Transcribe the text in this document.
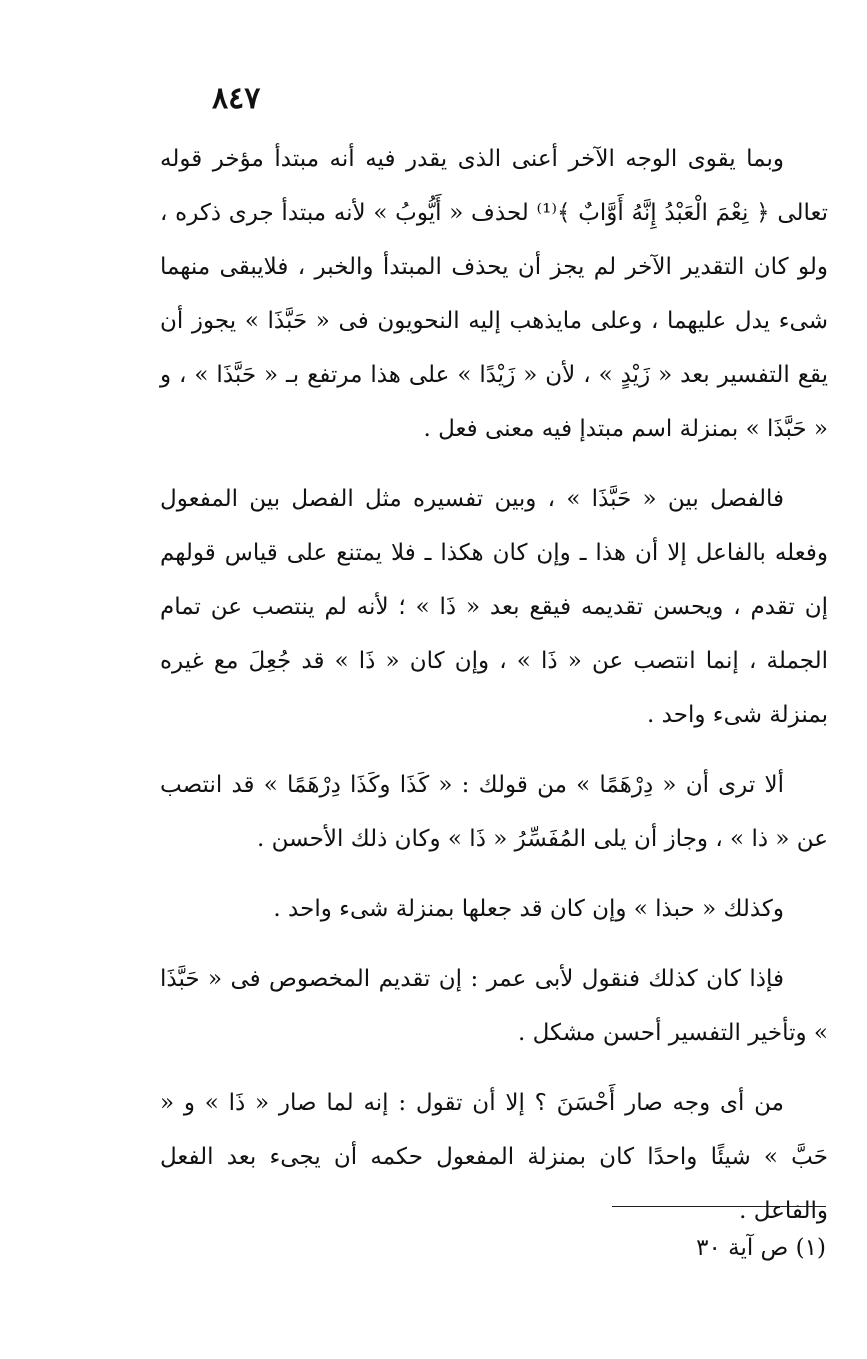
٨٤٧

وبما يقوى الوجه الآخر أعنى الذى يقدر فيه أنه مبتدأ مؤخر قوله تعالى ﴿ نِعْمَ الْعَبْدُ إِنَّهُ أَوَّابٌ ﴾⁽¹⁾ لحذف « أَيُّوبُ » لأنه مبتدأ جرى ذكره ، ولو كان التقدير الآخر لم يجز أن يحذف المبتدأ والخبر ، فلايبقى منهما شىء يدل عليهما ، وعلى مايذهب إليه النحويون فى « حَبَّذَا » يجوز أن يقع التفسير بعد « زَيْدٍ » ، لأن « زَيْدًا » على هذا مرتفع بـ « حَبَّذَا » ، و « حَبَّذَا » بمنزلة اسم مبتدإ فيه معنى فعل .

فالفصل بين « حَبَّذَا » ، وبين تفسيره مثل الفصل بين المفعول وفعله بالفاعل إلا أن هذا ـ وإن كان هكذا ـ فلا يمتنع على قياس قولهم إن تقدم ، ويحسن تقديمه فيقع بعد « ذَا » ؛ لأنه لم ينتصب عن تمام الجملة ، إنما انتصب عن « ذَا » ، وإن كان « ذَا » قد جُعِلَ مع غيره بمنزلة شىء واحد .

ألا ترى أن « دِرْهَمًا » من قولك : « كَذَا وكَذَا دِرْهَمًا » قد انتصب عن « ذا » ، وجاز أن يلى المُفَسِّرُ « ذَا » وكان ذلك الأحسن .

وكذلك « حبذا » وإن كان قد جعلها بمنزلة شىء واحد .

فإذا كان كذلك فنقول لأبى عمر : إن تقديم المخصوص فى « حَبَّذَا » وتأخير التفسير أحسن مشكل .

من أى وجه صار أَحْسَنَ ؟ إلا أن تقول : إنه لما صار « ذَا » و « حَبَّ » شيئًا واحدًا كان بمنزلة المفعول حكمه أن يجىء بعد الفعل والفاعل .

(١) ص آية ٣٠
